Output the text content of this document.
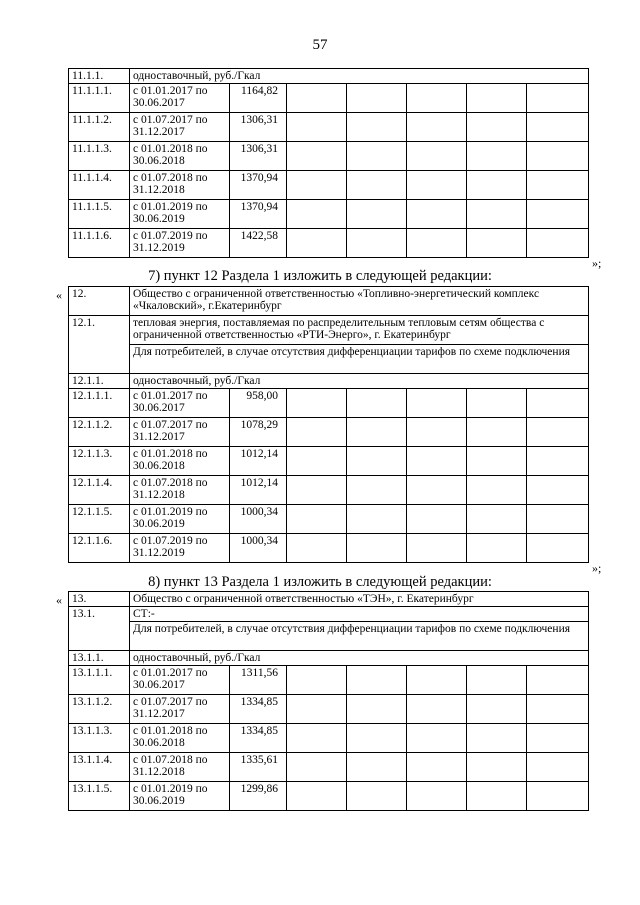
57
11.1.1.	одноставочный, руб./Гкал						
11.1.1.1.	с 01.01.2017 по 30.06.2017	1164,82					
11.1.1.2.	с 01.07.2017 по 31.12.2017	1306,31					
11.1.1.3.	с 01.01.2018 по 30.06.2018	1306,31					
11.1.1.4.	с 01.07.2018 по 31.12.2018	1370,94					
11.1.1.5.	с 01.01.2019 по 30.06.2019	1370,94					
11.1.1.6.	с 01.07.2019 по 31.12.2019	1422,58					
»;
7) пункт 12 Раздела 1 изложить в следующей редакции:
« 12.	Общество с ограниченной ответственностью «Топливно-энергетический комплекс «Чкаловский», г.Екатеринбург						
12.1.	тепловая энергия, поставляемая по распределительным тепловым сетям общества с ограниченной ответственностью «РТИ-Энерго», г. Екатеринбург						
	Для потребителей, в случае отсутствия дифференциации тарифов по схеме подключения						
12.1.1.	одноставочный, руб./Гкал						
12.1.1.1.	с 01.01.2017 по 30.06.2017	958,00					
12.1.1.2.	с 01.07.2017 по 31.12.2017	1078,29					
12.1.1.3.	с 01.01.2018 по 30.06.2018	1012,14					
12.1.1.4.	с 01.07.2018 по 31.12.2018	1012,14					
12.1.1.5.	с 01.01.2019 по 30.06.2019	1000,34					
12.1.1.6.	с 01.07.2019 по 31.12.2019	1000,34					
»;
8) пункт 13 Раздела 1 изложить в следующей редакции:
« 13.	Общество с ограниченной ответственностью «ТЭН», г. Екатеринбург						
13.1.	СТ:-						
	Для потребителей, в случае отсутствия дифференциации тарифов по схеме подключения						
13.1.1.	одноставочный, руб./Гкал						
13.1.1.1.	с 01.01.2017 по 30.06.2017	1311,56					
13.1.1.2.	с 01.07.2017 по 31.12.2017	1334,85					
13.1.1.3.	с 01.01.2018 по 30.06.2018	1334,85					
13.1.1.4.	с 01.07.2018 по 31.12.2018	1335,61					
13.1.1.5.	с 01.01.2019 по 30.06.2019	1299,86					
